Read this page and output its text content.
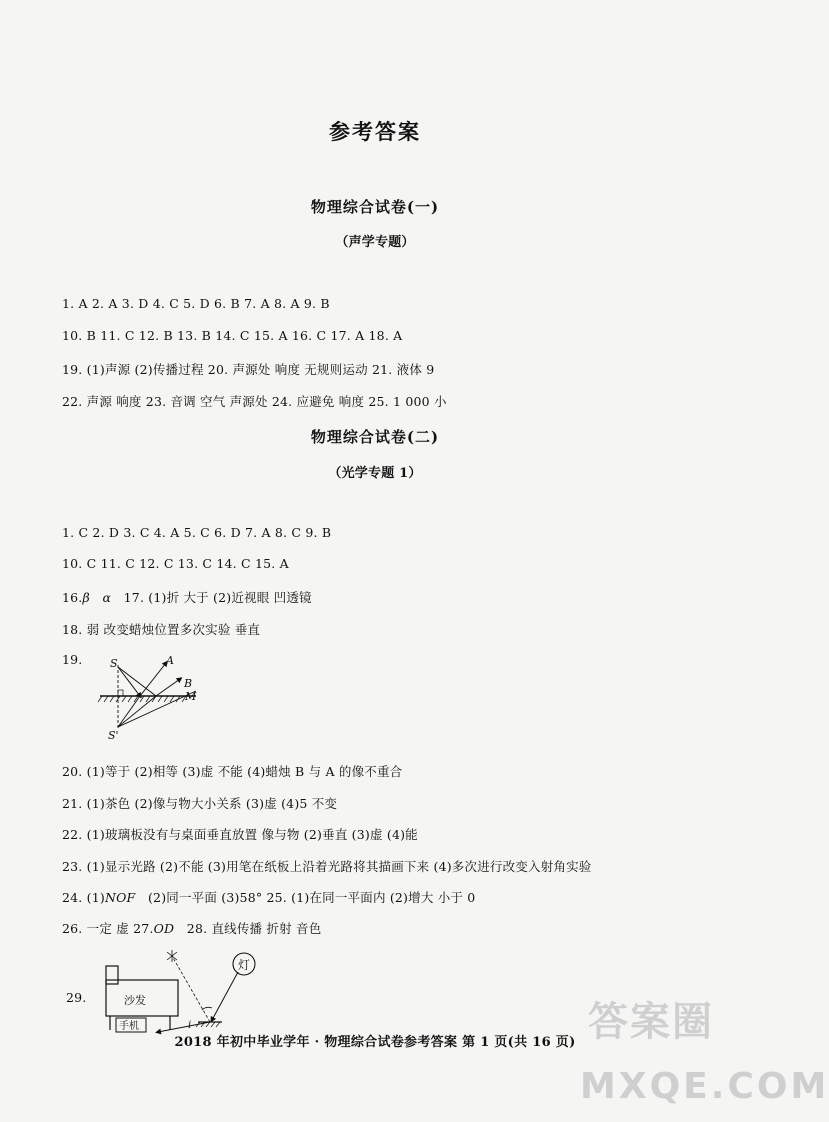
参考答案
物理综合试卷(一)
（声学专题）
1. A 2. A 3. D 4. C 5. D 6. B 7. A 8. A 9. B
10. B 11. C 12. B 13. B 14. C 15. A 16. C 17. A 18. A
19. (1)声源 (2)传播过程 20. 声源处 响度 无规则运动 21. 液体 9
22. 声源 响度 23. 音调 空气 声源处 24. 应避免 响度 25. 1 000 小
物理综合试卷(二)
（光学专题 1）
1. C 2. D 3. C 4. A 5. C 6. D 7. A 8. C 9. B
10. C 11. C 12. C 13. C 14. C 15. A
16.β α 17. (1)折 大于 (2)近视眼 凹透镜
18. 弱 改变蜡烛位置多次实验 垂直
19.	S	A
B
M
S'
20. (1)等于 (2)相等 (3)虚 不能 (4)蜡烛 B 与 A 的像不重合
21. (1)茶色 (2)像与物大小关系 (3)虚 (4)5 不变
22. (1)玻璃板没有与桌面垂直放置 像与物 (2)垂直 (3)虚 (4)能
23. (1)显示光路 (2)不能 (3)用笔在纸板上沿着光路将其描画下来 (4)多次进行改变入射角实验
24. (1)NOF (2)同一平面 (3)58° 25. (1)在同一平面内 (2)增大 小于 0
26. 一定 虚 27.OD 28. 直线传播 折射 音色
29.	沙发
手机	i
灯
2018 年初中毕业学年 · 物理综合试卷参考答案 第 1 页(共 16 页) 答案圈
MXQE.COM
